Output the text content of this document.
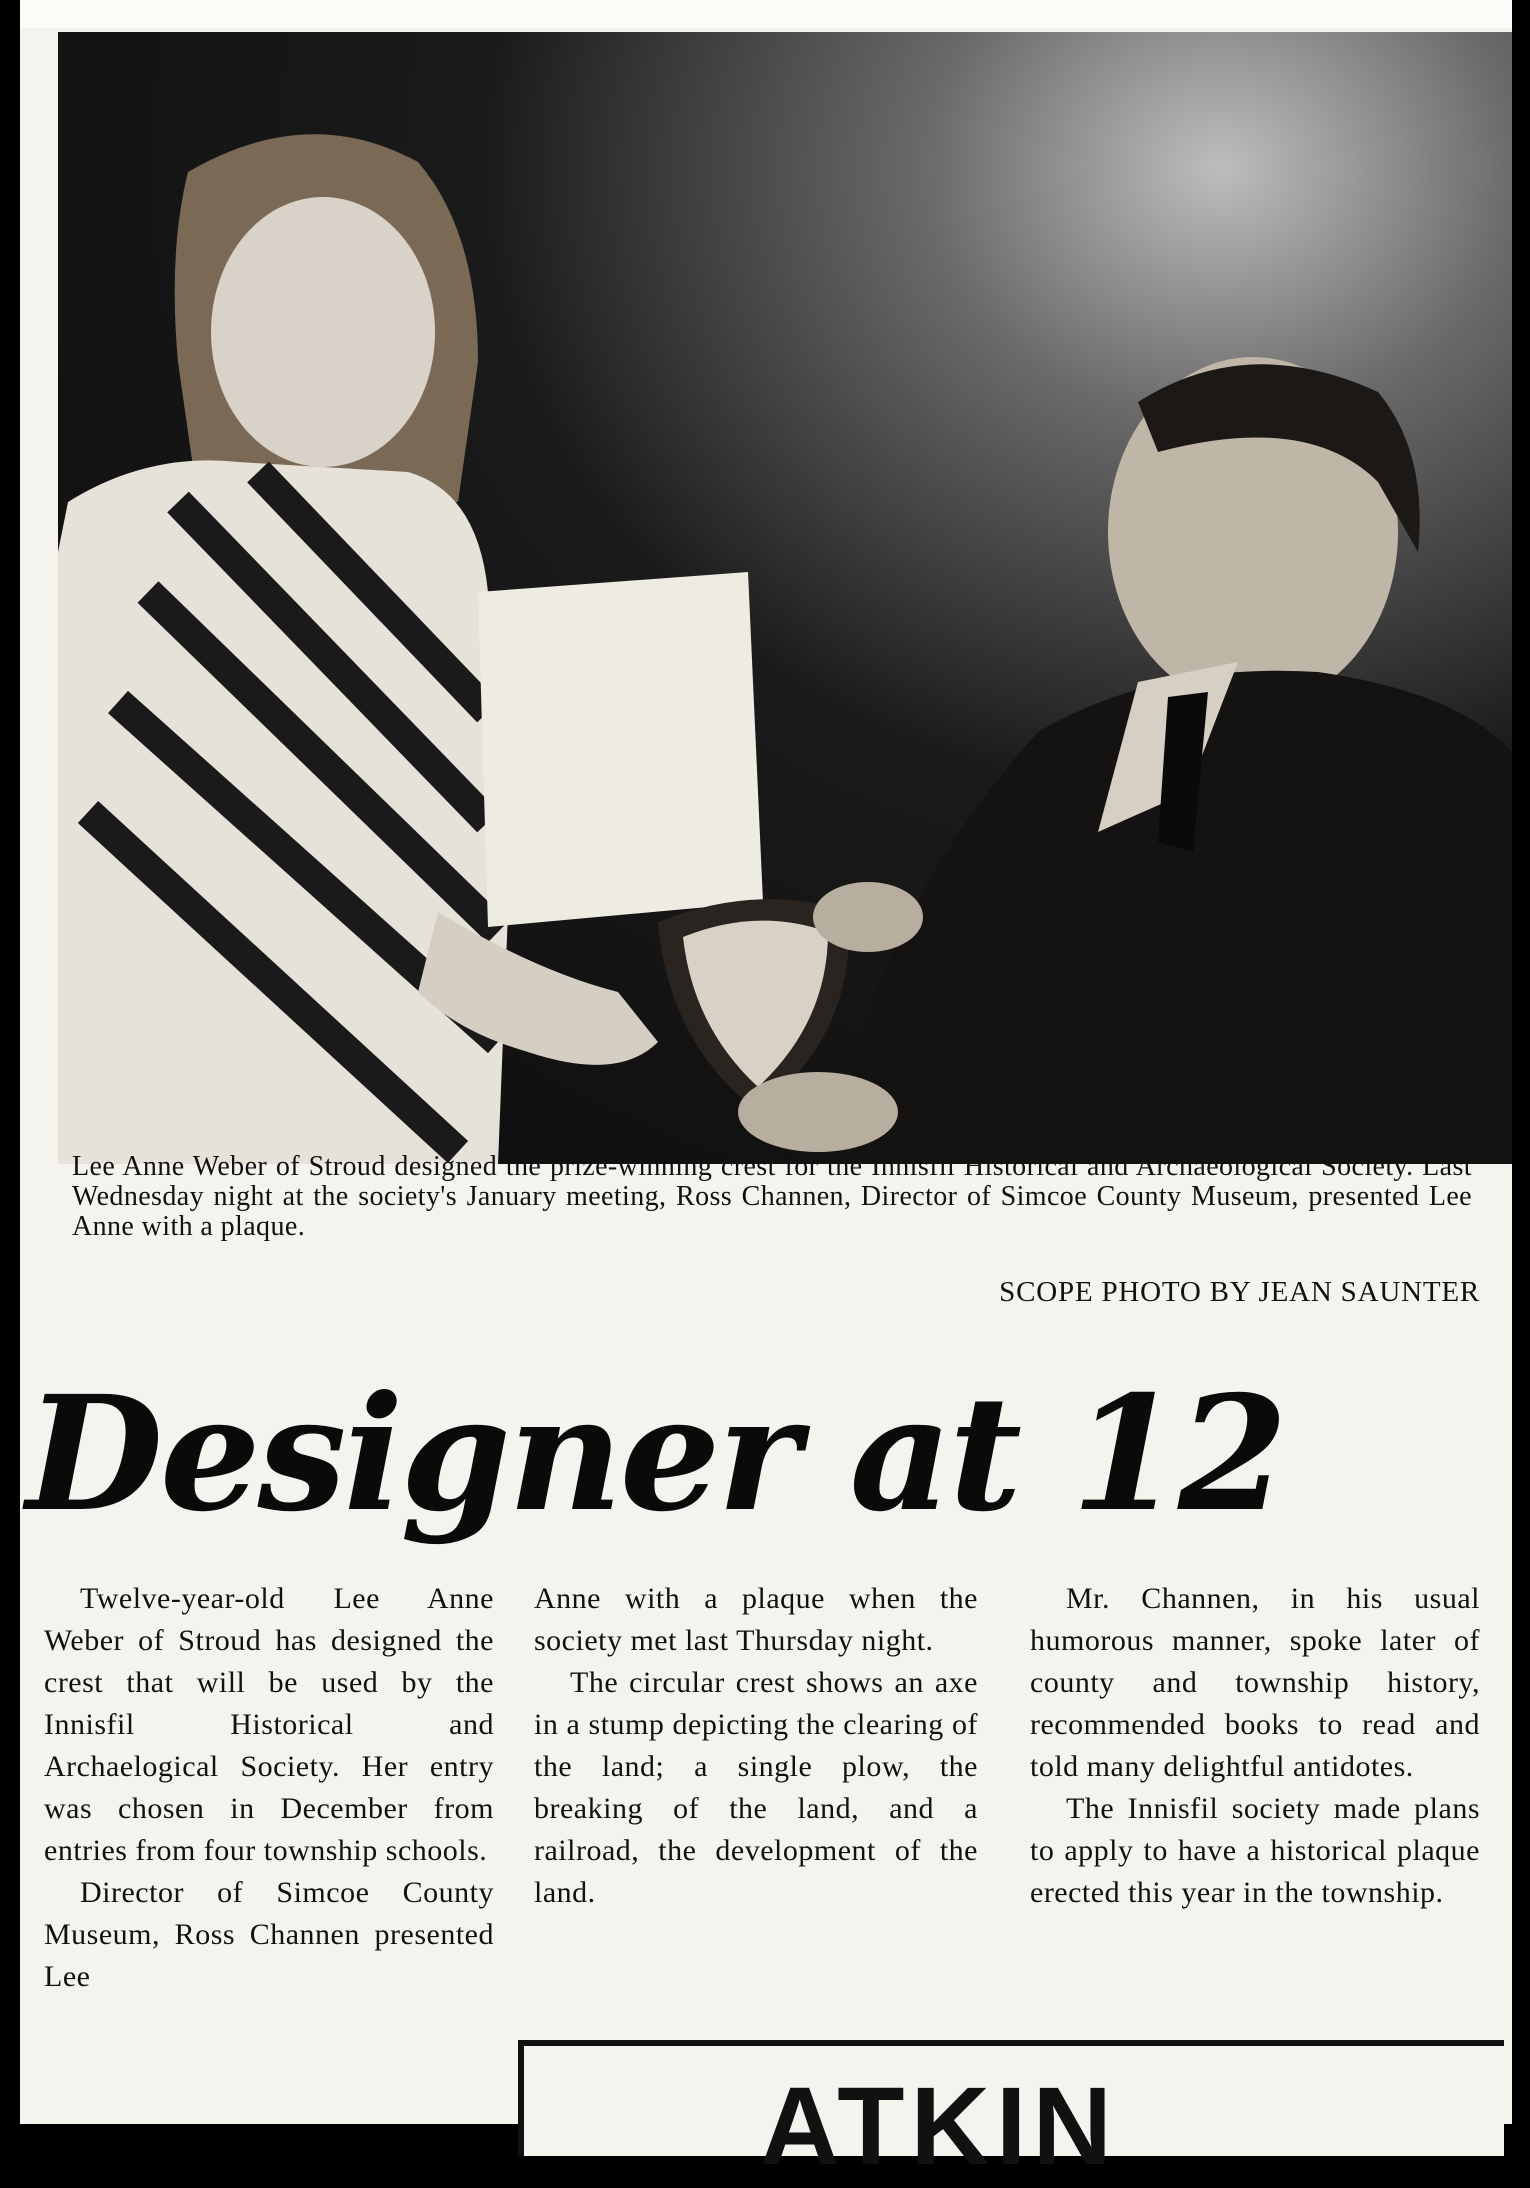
Lee Anne Weber of Stroud designed the prize-winning crest for the Innisfil Historical and Archaeological Society. Last Wednesday night at the society's January meeting, Ross Channen, Director of Simcoe County Museum, presented Lee Anne with a plaque.

SCOPE PHOTO BY JEAN SAUNTER
Designer at 12

Twelve-year-old Lee Anne Weber of Stroud has designed the crest that will be used by the Innisfil Historical and Archaelogical Society. Her entry was chosen in December from entries from four township schools.

Director of Simcoe County Museum, Ross Channen presented Lee

Anne with a plaque when the society met last Thursday night.

The circular crest shows an axe in a stump depicting the clearing of the land; a single plow, the breaking of the land, and a railroad, the development of the land.

Mr. Channen, in his usual humorous manner, spoke later of county and township history, recommended books to read and told many delightful antidotes.

The Innisfil society made plans to apply to have a historical plaque erected this year in the township.

ATKIN
